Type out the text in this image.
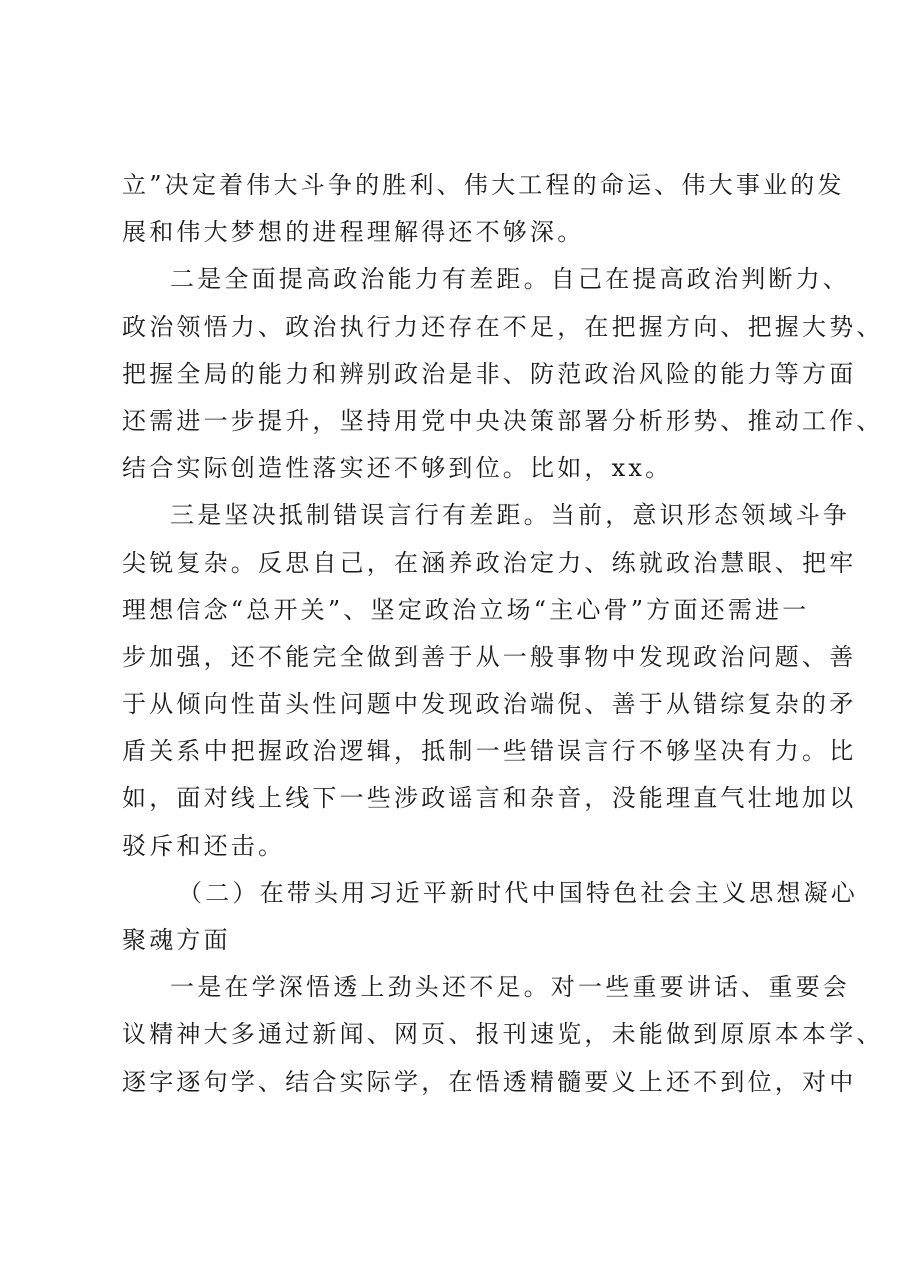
立”决定着伟大斗争的胜利、伟大工程的命运、伟大事业的发
展和伟大梦想的进程理解得还不够深。
二是全面提高政治能力有差距。自己在提高政治判断力、
政治领悟力、政治执行力还存在不足，在把握方向、把握大势、
把握全局的能力和辨别政治是非、防范政治风险的能力等方面
还需进一步提升，坚持用党中央决策部署分析形势、推动工作、
结合实际创造性落实还不够到位。比如，xx。
三是坚决抵制错误言行有差距。当前，意识形态领域斗争
尖锐复杂。反思自己，在涵养政治定力、练就政治慧眼、把牢
理想信念“总开关”、坚定政治立场“主心骨”方面还需进一
步加强，还不能完全做到善于从一般事物中发现政治问题、善
于从倾向性苗头性问题中发现政治端倪、善于从错综复杂的矛
盾关系中把握政治逻辑，抵制一些错误言行不够坚决有力。比
如，面对线上线下一些涉政谣言和杂音，没能理直气壮地加以
驳斥和还击。
（二）在带头用习近平新时代中国特色社会主义思想凝心
聚魂方面
一是在学深悟透上劲头还不足。对一些重要讲话、重要会
议精神大多通过新闻、网页、报刊速览，未能做到原原本本学、
逐字逐句学、结合实际学，在悟透精髓要义上还不到位，对中
